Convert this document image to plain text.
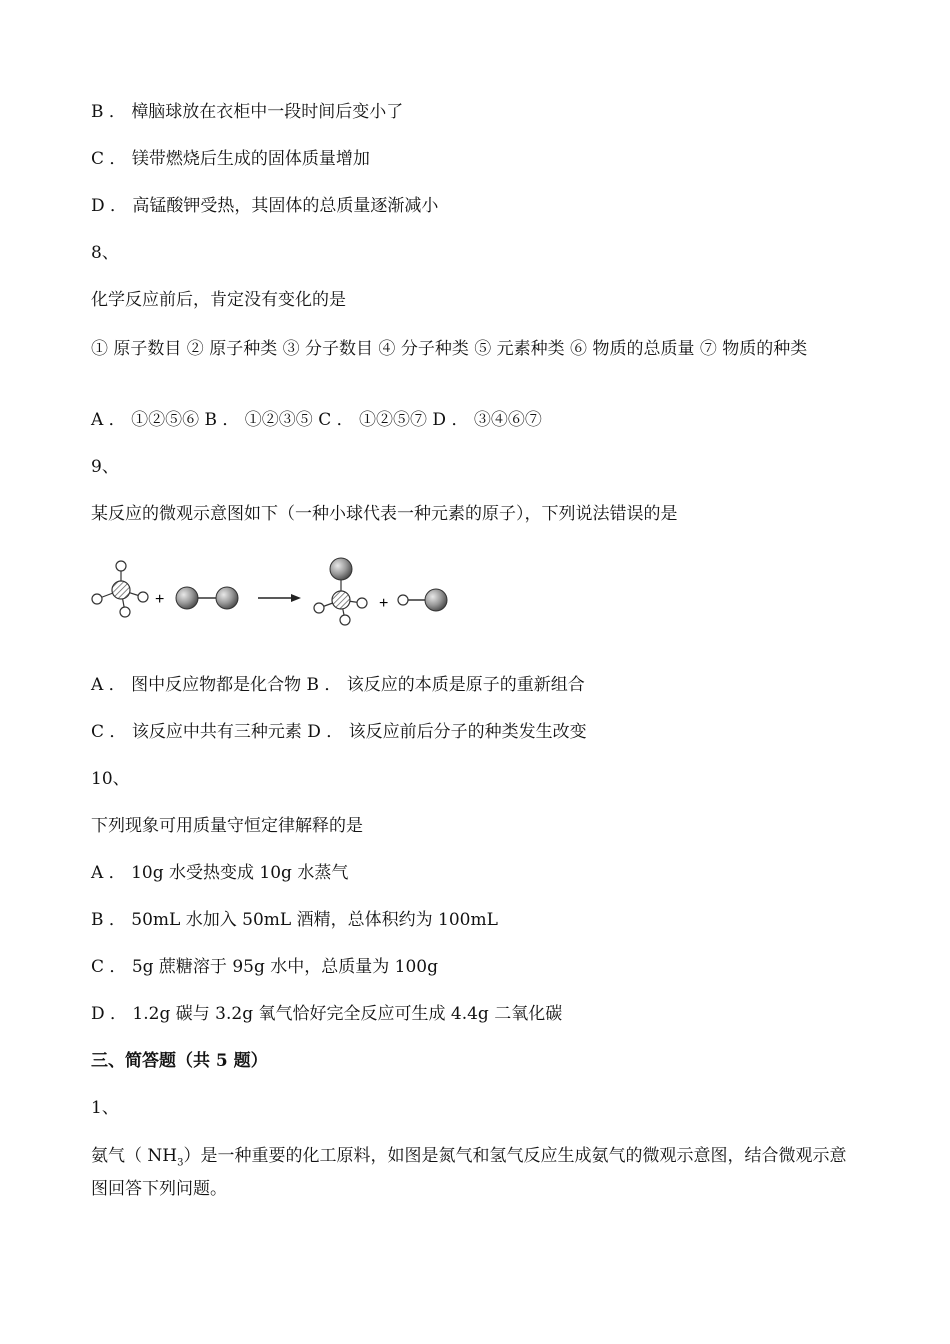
B ． 樟脑球放在衣柜中一段时间后变小了
C ． 镁带燃烧后生成的固体质量增加
D ． 高锰酸钾受热，其固体的总质量逐渐减小
8、
化学反应前后，肯定没有变化的是
① 原子数目 ② 原子种类 ③ 分子数目 ④ 分子种类 ⑤ 元素种类 ⑥ 物质的总质量 ⑦ 物质的种类
A ． ①②⑤⑥ B ． ①②③⑤ C ． ①②⑤⑦ D ． ③④⑥⑦
9、
某反应的微观示意图如下（一种小球代表一种元素的原子），下列说法错误的是
+	+
A ． 图中反应物都是化合物 B ． 该反应的本质是原子的重新组合
C ． 该反应中共有三种元素 D ． 该反应前后分子的种类发生改变
10、
下列现象可用质量守恒定律解释的是
A ． 10g 水受热变成 10g 水蒸气
B ． 50mL 水加入 50mL 酒精，总体积约为 100mL
C ． 5g 蔗糖溶于 95g 水中，总质量为 100g
D ． 1.2g 碳与 3.2g 氧气恰好完全反应可生成 4.4g 二氧化碳
三、简答题（共 5 题）
1、
氨气（ $NH_3$）是一种重要的化工原料，如图是氮气和氢气反应生成氨气的微观示意图，结合微观示意图回答下列问题。
